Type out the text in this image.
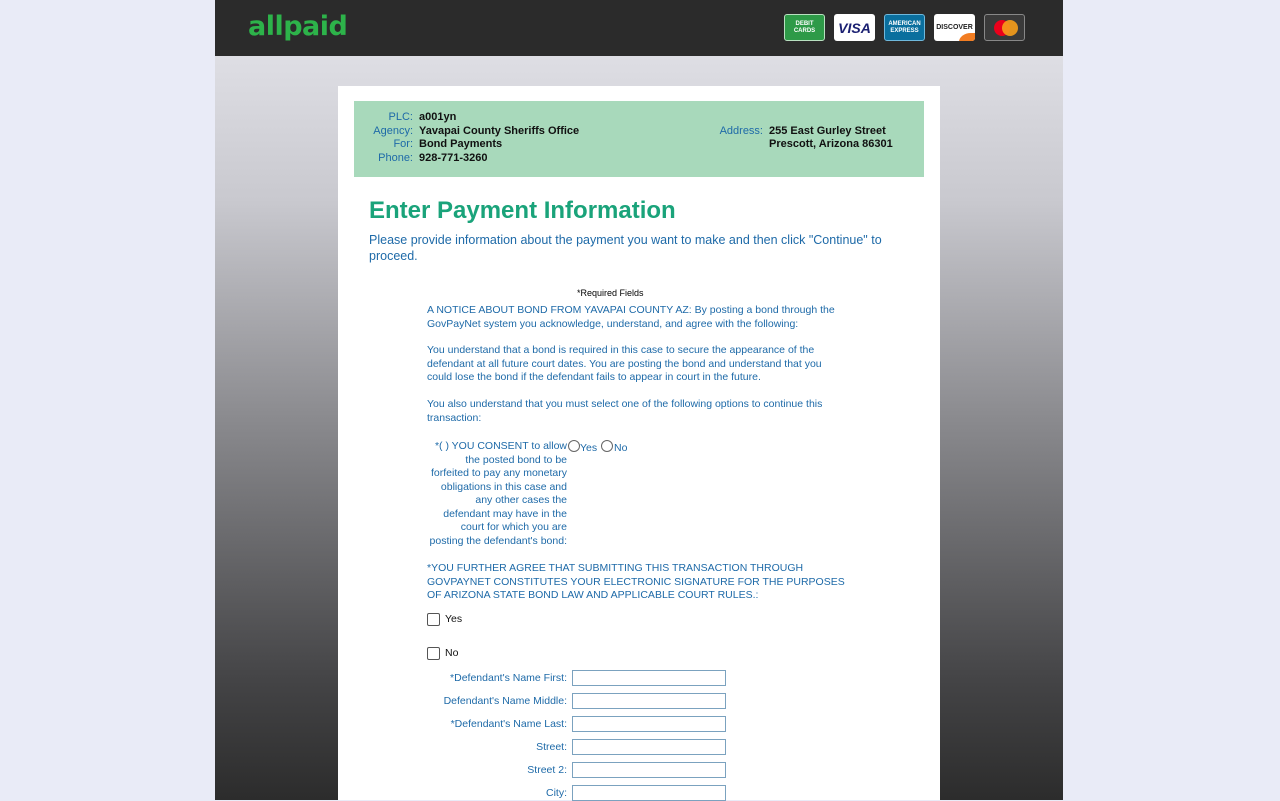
allpaid	DEBIT CARDS	VISA	AMERICAN EXPRESS	DISCOVER
PLC: a001yn
Agency: Yavapai County Sheriffs Office
For: Bond Payments
Phone: 928-771-3260
Address: 255 East Gurley Street
Prescott, Arizona 86301
Enter Payment Information
Please provide information about the payment you want to make and then click "Continue" to proceed.
*Required Fields
A NOTICE ABOUT BOND FROM YAVAPAI COUNTY AZ: By posting a bond through the GovPayNet system you acknowledge, understand, and agree with the following:
You understand that a bond is required in this case to secure the appearance of the defendant at all future court dates. You are posting the bond and understand that you could lose the bond if the defendant fails to appear in court in the future.
You also understand that you must select one of the following options to continue this transaction:
*( ) YOU CONSENT to allow the posted bond to be forfeited to pay any monetary obligations in this case and any other cases the defendant may have in the court for which you are posting the defendant's bond:
Yes No
*YOU FURTHER AGREE THAT SUBMITTING THIS TRANSACTION THROUGH GOVPAYNET CONSTITUTES YOUR ELECTRONIC SIGNATURE FOR THE PURPOSES OF ARIZONA STATE BOND LAW AND APPLICABLE COURT RULES.:
Yes
No
*Defendant's Name First:
Defendant's Name Middle:
*Defendant's Name Last:
Street:
Street 2:
City:
